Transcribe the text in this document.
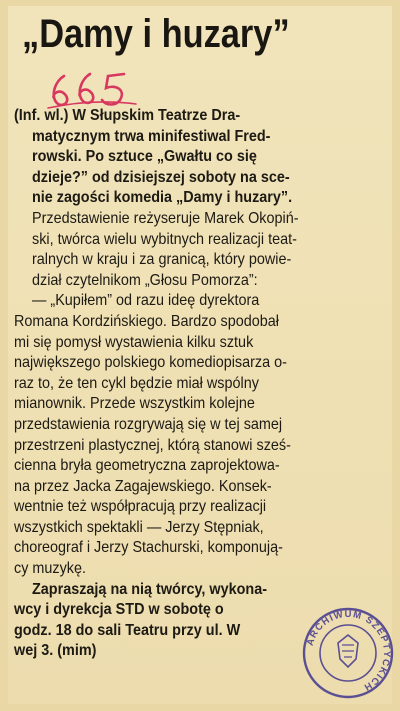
„Damy i huzary”
(Inf. wl.) W Słupskim Teatrze Dra-
matycznym trwa minifestiwal Fred-
rowski. Po sztuce „Gwałtu co się
dzieje?” od dzisiejszej soboty na sce-
nie zagości komedia „Damy i huzary”.
Przedstawienie reżyseruje Marek Okopiń-
ski, twórca wielu wybitnych realizacji teat-
ralnych w kraju i za granicą, który powie-
dział czytelnikom „Głosu Pomorza”:
— „Kupiłem” od razu ideę dyrektora
Romana Kordzińskiego. Bardzo spodobał
mi się pomysł wystawienia kilku sztuk
największego polskiego komediopisarza o-
raz to, że ten cykl będzie miał wspólny
mianownik. Przede wszystkim kolejne
przedstawienia rozgrywają się w tej samej
przestrzeni plastycznej, którą stanowi sześ-
cienna bryła geometryczna zaprojektowa-
na przez Jacka Zagajewskiego. Konsek-
wentnie też współpracują przy realizacji
wszystkich spektakli — Jerzy Stępniak,
choreograf i Jerzy Stachurski, komponują-
cy muzykę.
Zapraszają na nią twórcy, wykona-
wcy i dyrekcja STD w sobotę o
godz. 18 do sali Teatru przy ul. W
wej 3. (mim)
ARCHIWUM SZEPTYCKICH
